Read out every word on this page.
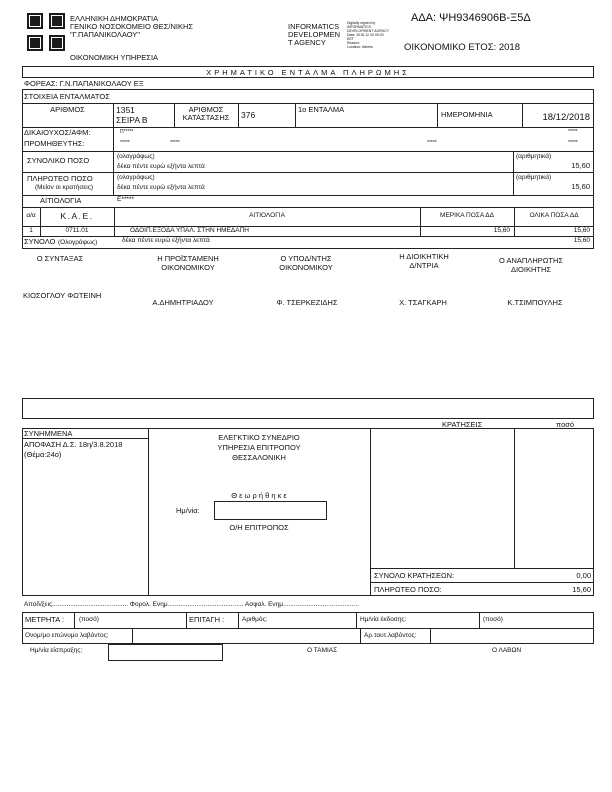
ΕΛΛΗΝΙΚΗ ΔΗΜΟΚΡΑΤΙΑ
ΓΕΝΙΚΟ ΝΟΣΟΚΟΜΕΙΟ ΘΕΣ/ΝΙΚΗΣ
"Γ.ΠΑΠΑΝΙΚΟΛΑΟΥ"
ΟΙΚΟΝΟΜΙΚΗ ΥΠΗΡΕΣΙΑ
INFORMATICS
DEVELOPMEN
T AGENCY
Digitally signed by
INFORMATICS
DEVELOPMENT AGENCY
Date: 2018.12.19 09:23
EET
Reason:
Location: Athens
ΑΔΑ: ΨΗ9346906Β-Ξ5Δ
ΟΙΚΟΝΟΜΙΚΟ ΕΤΟΣ: 2018
ΧΡΗΜΑΤΙΚΟ ΕΝΤΑΛΜΑ ΠΛΗΡΩΜΗΣ
ΦΟΡΕΑΣ: Γ.Ν.ΠΑΠΑΝΙΚΟΛΑΟΥ ΕΞ
ΣΤΟΙΧΕΙΑ ΕΝΤΑΛΜΑΤΟΣ
ΑΡΙΘΜΟΣ	1351
ΣΕΙΡΑ Β
ΑΡΙΘΜΟΣ
ΚΑΤΑΣΤΑΣΗΣ	376
1ο ΕΝΤΑΛΜΑ
ΗΜΕΡΟΜΗΝΙΑ	18/12/2018
ΔΙΚΑΙΟΥΧΟΣ/ΑΦΜ:	Π*****	*****
ΠΡΟΜΗΘΕΥΤΗΣ:	*****	*****	*****	*****
ΣΥΝΟΛΙΚΟ ΠΟΣΟ	(ολογράφως)
δέκα πέντε ευρώ εξήντα λεπτά
(αριθμητικά)
15,60
ΠΛΗΡΩΤΕΟ ΠΟΣΟ
(Μείον οι κρατήσεις)
(ολογράφως)
δέκα πέντε ευρώ εξήντα λεπτά
(αριθμητικά)
15,60
ΑΙΤΙΟΛΟΓΙΑ	Ε*****
α/α	Κ.Α.Ε.	ΑΙΤΙΟΛΟΓΙΑ	ΜΕΡΙΚΑ ΠΟΣΑ ΔΔ	ΟΛΙΚΑ ΠΟΣΑ ΔΔ
1	0711.01	ΟΔΟΙΠ.ΕΞΟΔΑ ΥΠΑΛ. ΣΤΗΝ ΗΜΕΔΑΠΗ	15,60	15,60
ΣΥΝΟΛΟ (Ολογράφως)	δέκα πέντε ευρώ εξήντα λεπτά	15,60
Ο ΣΥΝΤΑΞΑΣ	Η ΠΡΟΪΣΤΑΜΕΝΗ
ΟΙΚΟΝΟΜΙΚΟΥ
Ο ΥΠΟΔ/ΝΤΗΣ
ΟΙΚΟΝΟΜΙΚΟΥ
Η ΔΙΟΙΚΗΤΙΚΗ
Δ/ΝΤΡΙΑ
Ο ΑΝΑΠΛΗΡΩΤΗΣ
ΔΙΟΙΚΗΤΗΣ
ΚΙΟΣΟΓΛΟΥ ΦΩΤΕΙΝΗ
Α.ΔΗΜΗΤΡΙΑΔΟΥ	Φ. ΤΣΕΡΚΕΖΙΔΗΣ	Χ. ΤΣΑΓΚΑΡΗ	Κ.ΤΣΙΜΠΟΥΛΗΣ
ΣΥΝΗΜΜΕΝΑ
ΑΠΟΦΑΣΗ Δ.Σ. 18η/3.8.2018
(Θέμα:24ο)
ΕΛΕΓΚΤΙΚΟ ΣΥΝΕΔΡΙΟ
ΥΠΗΡΕΣΙΑ ΕΠΙΤΡΟΠΟΥ
ΘΕΣΣΑΛΟΝΙΚΗ
Θ ε ω ρ ή θ η κ ε
Ημ/νία:
Ο/Η ΕΠΙΤΡΟΠΟΣ
ΚΡΑΤΗΣΕΙΣ	ποσό
ΣΥΝΟΛΟ ΚΡΑΤΗΣΕΩΝ:	0,00
ΠΛΗΡΩΤΕΟ ΠΟΣΟ:	15,60
Αποδ/ξεις.......................................... Φορολ. Ενημ.......................................... Ασφαλ. Ενημ..........................................
ΜΕΤΡΗΤΑ : (ποσό)	ΕΠΙΤΑΓΗ :	Αριθμός:	Ημ/νία έκδοσης:	(ποσό)
Ονομ/μο επώνυμο λαβόντος:	Αρ.ταυτ.λαβόντος:
Ημ/νία είσπραξης:	Ο ΤΑΜΙΑΣ	Ο ΛΑΒΩΝ
